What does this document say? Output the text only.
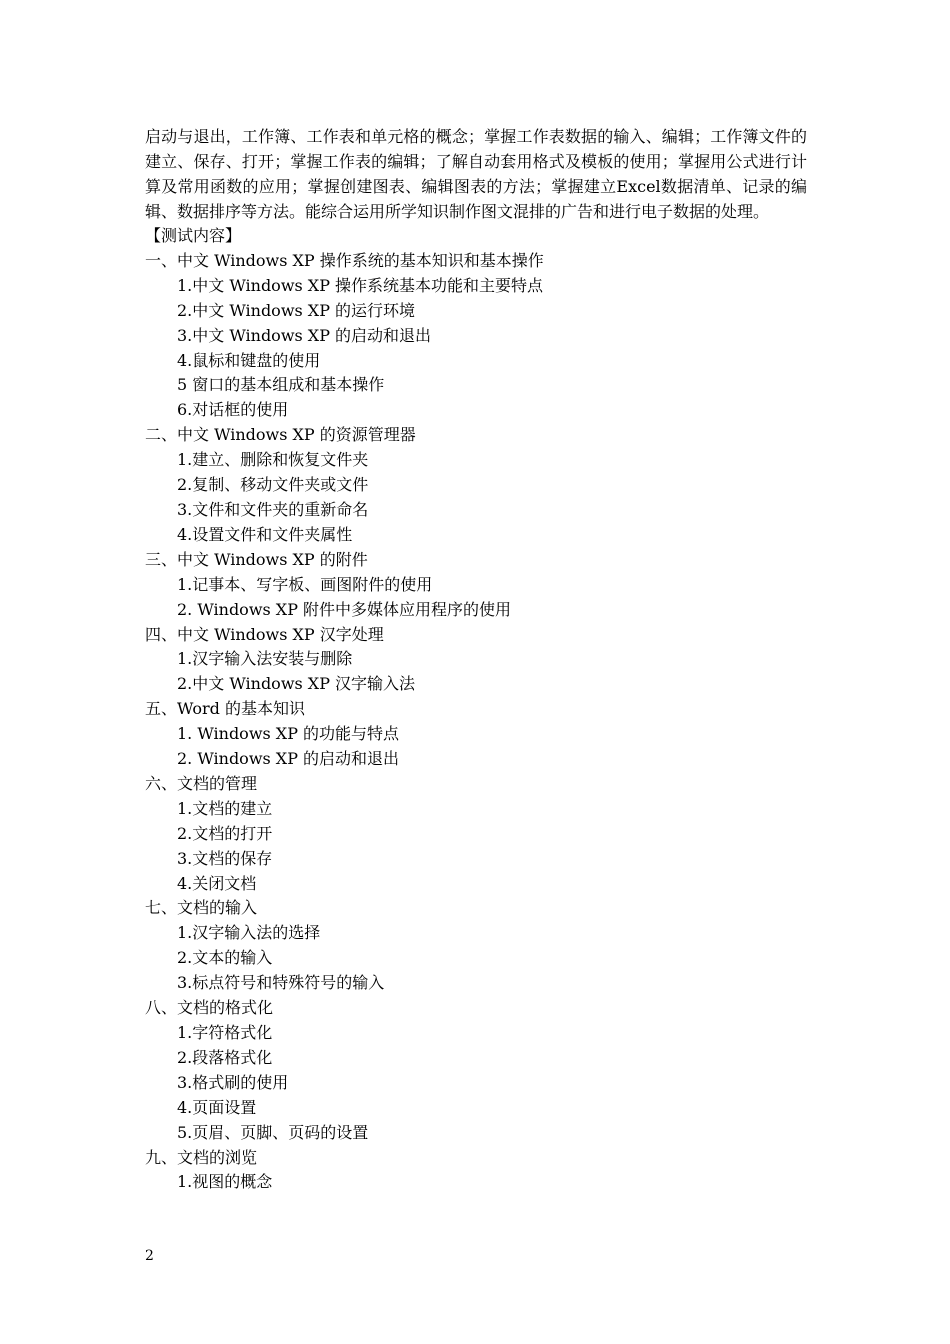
启动与退出，工作簿、工作表和单元格的概念；掌握工作表数据的输入、编辑；工作簿文件的建立、保存、打开；掌握工作表的编辑；了解自动套用格式及模板的使用；掌握用公式进行计算及常用函数的应用；掌握创建图表、编辑图表的方法；掌握建立Excel数据清单、记录的编辑、数据排序等方法。能综合运用所学知识制作图文混排的广告和进行电子数据的处理。

【测试内容】

一、中文 Windows XP 操作系统的基本知识和基本操作

1.中文 Windows XP 操作系统基本功能和主要特点

2.中文 Windows XP 的运行环境

3.中文 Windows XP 的启动和退出

4.鼠标和键盘的使用

5 窗口的基本组成和基本操作

6.对话框的使用

二、中文 Windows XP 的资源管理器

1.建立、删除和恢复文件夹

2.复制、移动文件夹或文件

3.文件和文件夹的重新命名

4.设置文件和文件夹属性

三、中文 Windows XP 的附件

1.记事本、写字板、画图附件的使用

2. Windows XP 附件中多媒体应用程序的使用

四、中文 Windows XP 汉字处理

1.汉字输入法安装与删除

2.中文 Windows XP 汉字输入法

五、Word 的基本知识

1. Windows XP 的功能与特点

2. Windows XP 的启动和退出

六、文档的管理

1.文档的建立

2.文档的打开

3.文档的保存

4.关闭文档

七、文档的输入

1.汉字输入法的选择

2.文本的输入

3.标点符号和特殊符号的输入

八、文档的格式化

1.字符格式化

2.段落格式化

3.格式刷的使用

4.页面设置

5.页眉、页脚、页码的设置

九、文档的浏览

1.视图的概念

2
